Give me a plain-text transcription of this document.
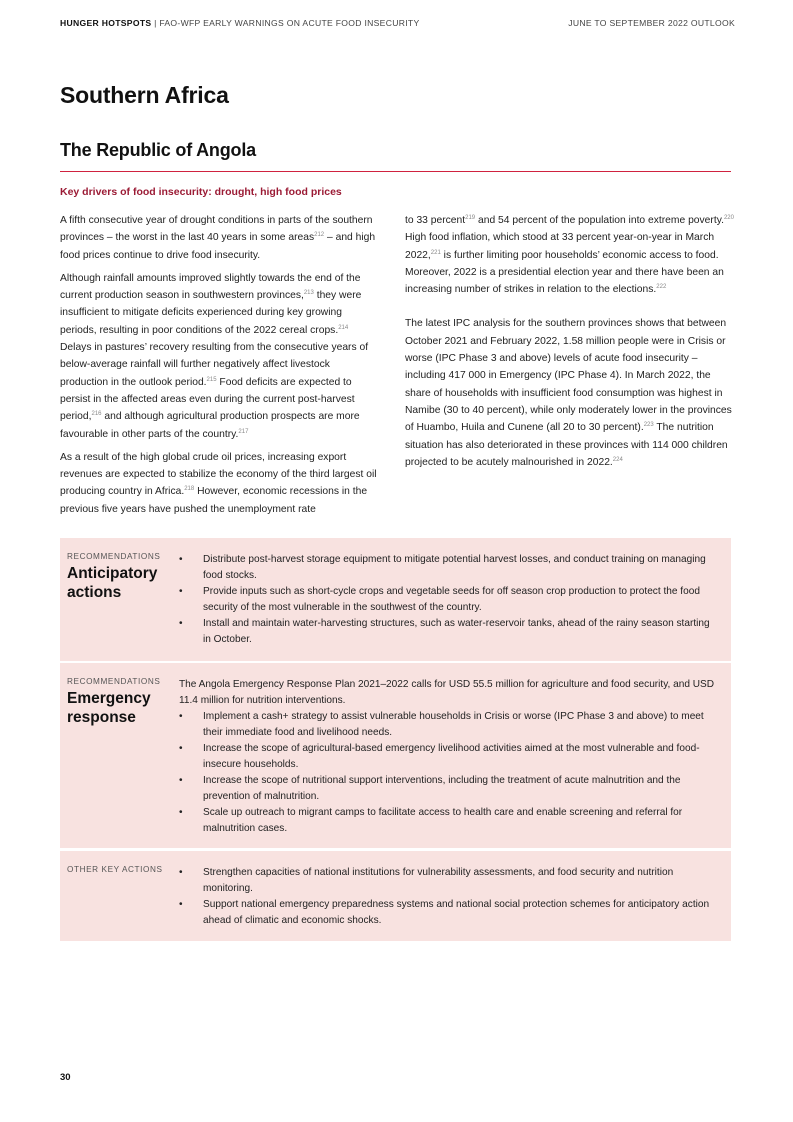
HUNGER HOTSPOTS | FAO-WFP EARLY WARNINGS ON ACUTE FOOD INSECURITY	JUNE TO SEPTEMBER 2022 OUTLOOK
Southern Africa
The Republic of Angola
Key drivers of food insecurity: drought, high food prices

A fifth consecutive year of drought conditions in parts of the southern provinces – the worst in the last 40 years in some areas$^{212}$ – and high food prices continue to drive food insecurity.

Although rainfall amounts improved slightly towards the end of the current production season in southwestern provinces,$^{213}$ they were insufficient to mitigate deficits experienced during key growing periods, resulting in poor conditions of the 2022 cereal crops.$^{214}$ Delays in pastures’ recovery resulting from the consecutive years of below-average rainfall will further negatively affect livestock production in the outlook period.$^{215}$ Food deficits are expected to persist in the affected areas even during the current post-harvest period,$^{216}$ and although agricultural production prospects are more favourable in other parts of the country.$^{217}$

As a result of the high global crude oil prices, increasing export revenues are expected to stabilize the economy of the third largest oil producing country in Africa.$^{218}$ However, economic recessions in the previous five years have pushed the unemployment rate

to 33 percent$^{219}$ and 54 percent of the population into extreme poverty.$^{220}$ High food inflation, which stood at 33 percent year-on-year in March 2022,$^{221}$ is further limiting poor households’ economic access to food. Moreover, 2022 is a presidential election year and there have been an increasing number of strikes in relation to the elections.$^{222}$

The latest IPC analysis for the southern provinces shows that between October 2021 and February 2022, 1.58 million people were in Crisis or worse (IPC Phase 3 and above) levels of acute food insecurity – including 417 000 in Emergency (IPC Phase 4). In March 2022, the share of households with insufficient food consumption was highest in Namibe (30 to 40 percent), while only moderately lower in the provinces of Huambo, Huila and Cunene (all 20 to 30 percent).$^{223}$ The nutrition situation has also deteriorated in these provinces with 114 000 children projected to be acutely malnourished in 2022.$^{224}$

RECOMMENDATIONS
Anticipatory actions
• Distribute post-harvest storage equipment to mitigate potential harvest losses, and conduct training on managing food stocks.
• Provide inputs such as short-cycle crops and vegetable seeds for off season crop production to protect the food security of the most vulnerable in the southwest of the country.
• Install and maintain water-harvesting structures, such as water-reservoir tanks, ahead of the rainy season starting in October.
RECOMMENDATIONS
Emergency response

The Angola Emergency Response Plan 2021–2022 calls for USD 55.5 million for agriculture and food security, and USD 11.4 million for nutrition interventions.

• Implement a cash+ strategy to assist vulnerable households in Crisis or worse (IPC Phase 3 and above) to meet their immediate food and livelihood needs.
• Increase the scope of agricultural-based emergency livelihood activities aimed at the most vulnerable and food-insecure households.
• Increase the scope of nutritional support interventions, including the treatment of acute malnutrition and the prevention of malnutrition.
• Scale up outreach to migrant camps to facilitate access to health care and enable screening and referral for malnutrition cases.
OTHER KEY ACTIONS	• Strengthen capacities of national institutions for vulnerability assessments, and food security and nutrition monitoring.
• Support national emergency preparedness systems and national social protection schemes for anticipatory action ahead of climatic and economic shocks.
30
